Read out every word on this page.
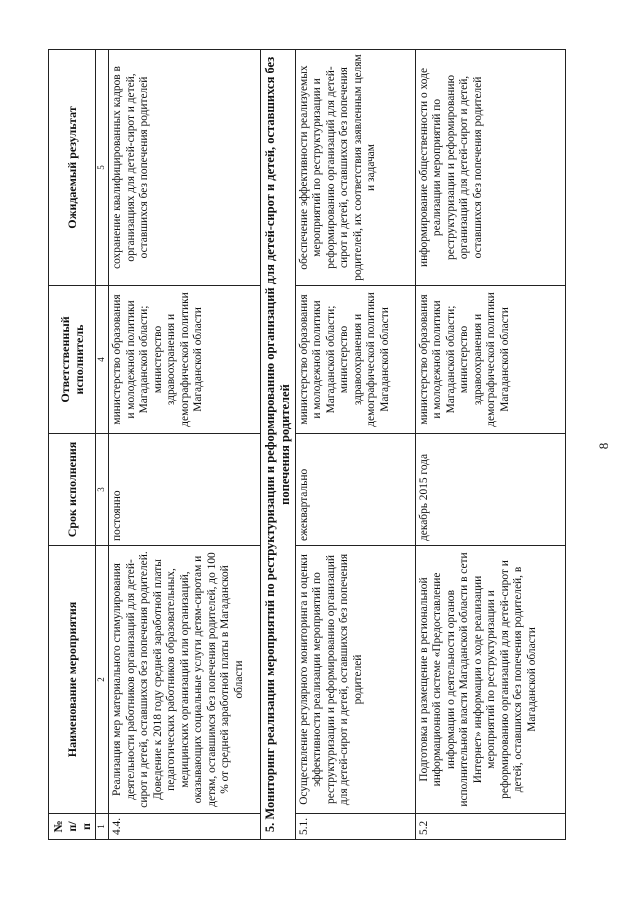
8
№ п/п	Наименование мероприятия	Срок исполнения	Ответственный исполнитель	Ожидаемый результат
1	2	3	4	5
4.4.	Реализация мер материального стимулирования деятельности работников организаций для детей-сирот и детей, оставшихся без попечения родителей. Доведение к 2018 году средней заработной платы педагогических работников образовательных, медицинских организаций или организаций, оказывающих социальные услуги детям-сиротам и детям, оставшимся без попечения родителей, до 100 % от средней заработной платы в Магаданской области	постоянно	министерство образования и молодежной политики Магаданской области; министерство здравоохранения и демографической политики Магаданской области	сохранение квалифицированных кадров в организациях для детей-сирот и детей, оставшихся без попечения родителей
5. Мониторинг реализации мероприятий по реструктуризации и реформированию организаций для детей-сирот и детей, оставшихся без попечения родителей				
5.1.	Осуществление регулярного мониторинга и оценки эффективности реализации мероприятий по реструктуризации и реформированию организаций для детей-сирот и детей, оставшихся без попечения родителей	ежеквартально	министерство образования и молодежной политики Магаданской области; министерство здравоохранения и демографической политики Магаданской области	обеспечение эффективности реализуемых мероприятий по реструктуризации и реформированию организаций для детей-сирот и детей, оставшихся без попечения родителей, их соответствия заявленным целям и задачам
5.2	Подготовка и размещение в региональной информационной системе «Предоставление информации о деятельности органов исполнительной власти Магаданской области в сети Интернет» информации о ходе реализации мероприятий по реструктуризации и реформированию организаций для детей-сирот и детей, оставшихся без попечения родителей, в Магаданской области	декабрь 2015 года	министерство образования и молодежной политики Магаданской области; министерство здравоохранения и демографической политики Магаданской области	информирование общественности о ходе реализации мероприятий по реструктуризации и реформированию организаций для детей-сирот и детей, оставшихся без попечения родителей
